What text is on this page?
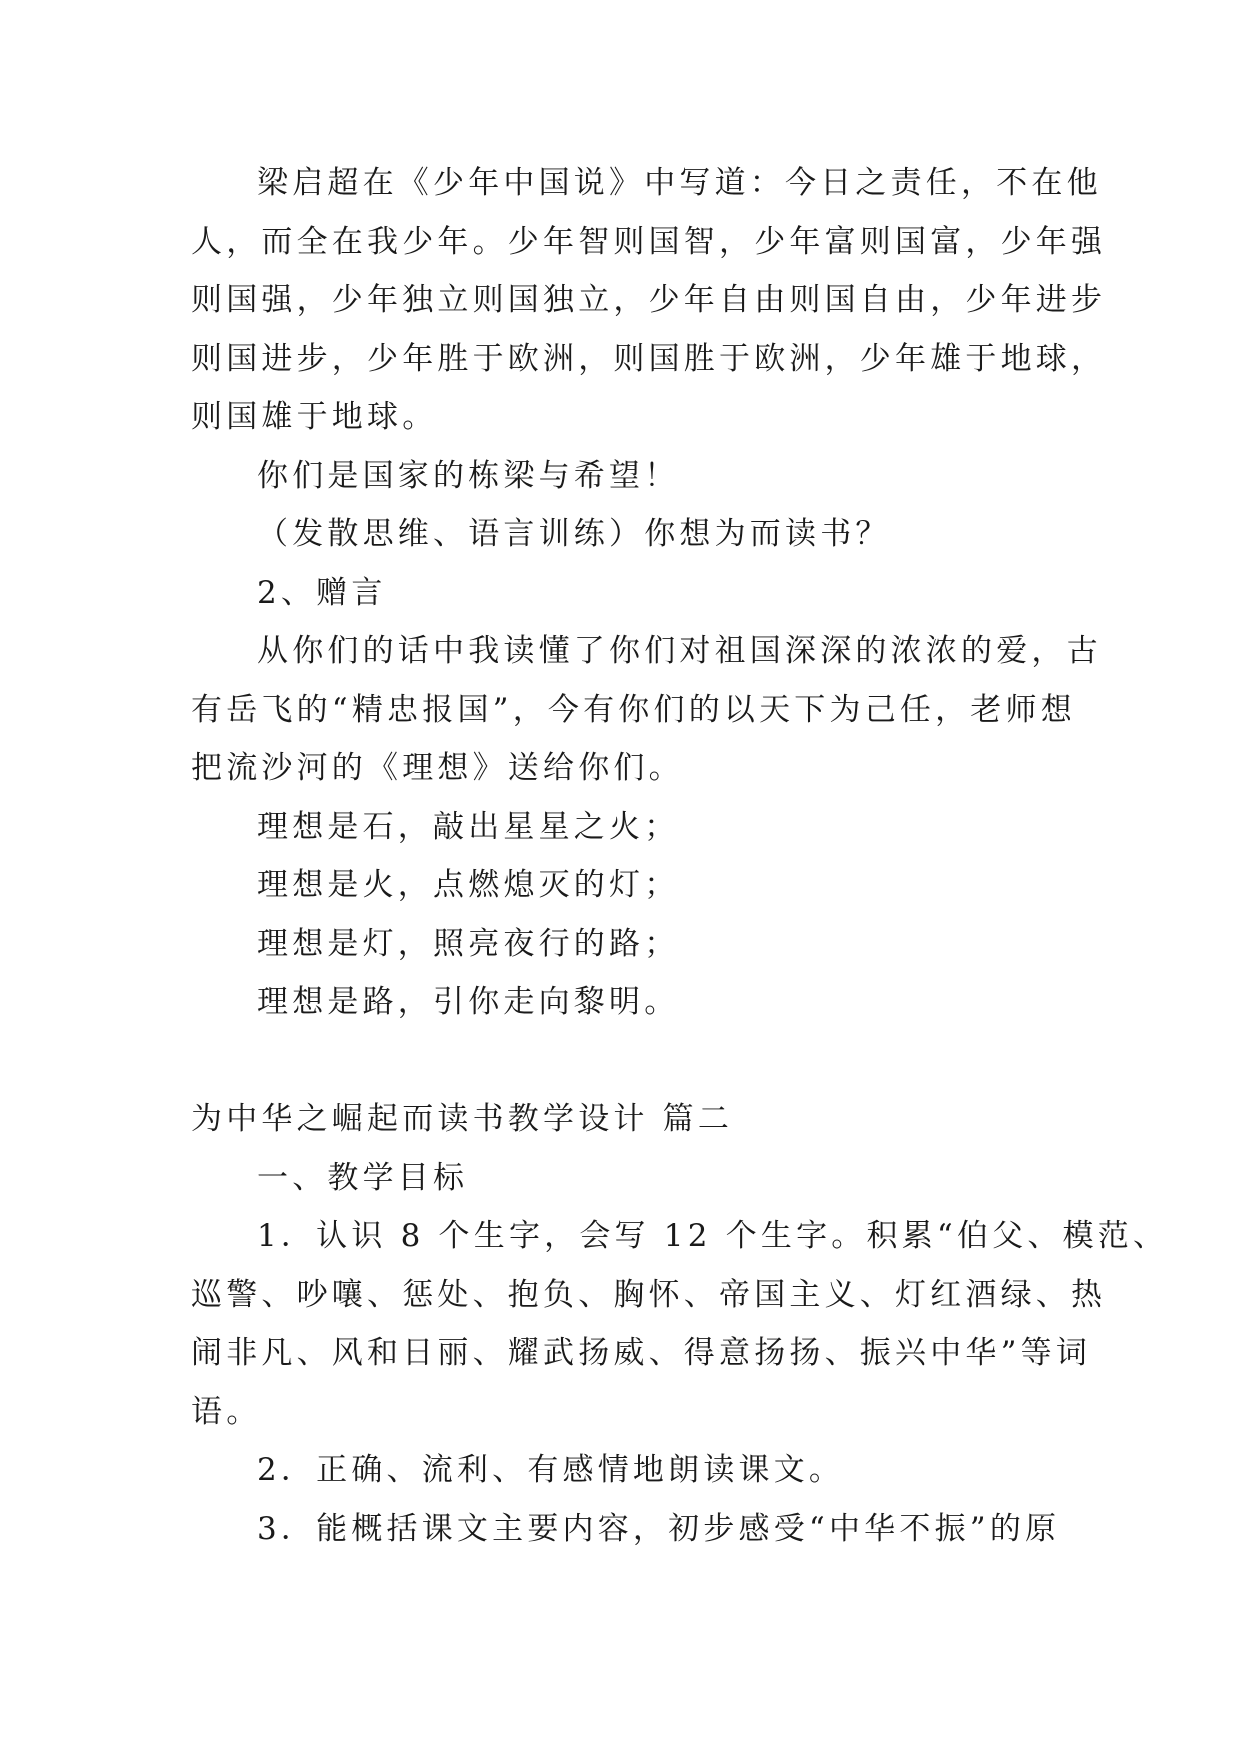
梁启超在《少年中国说》中写道：今日之责任，不在他
人，而全在我少年。少年智则国智，少年富则国富，少年强
则国强，少年独立则国独立，少年自由则国自由，少年进步
则国进步，少年胜于欧洲，则国胜于欧洲，少年雄于地球，
则国雄于地球。
你们是国家的栋梁与希望！
（发散思维、语言训练）你想为而读书？
2、赠言
从你们的话中我读懂了你们对祖国深深的浓浓的爱，古
有岳飞的“精忠报国”，今有你们的以天下为己任，老师想
把流沙河的《理想》送给你们。
理想是石，敲出星星之火；
理想是火，点燃熄灭的灯；
理想是灯，照亮夜行的路；
理想是路，引你走向黎明。
为中华之崛起而读书教学设计 篇二
一、教学目标
1．认识 8 个生字，会写 12 个生字。积累“伯父、模范、
巡警、吵嚷、惩处、抱负、胸怀、帝国主义、灯红酒绿、热
闹非凡、风和日丽、耀武扬威、得意扬扬、振兴中华”等词
语。
2．正确、流利、有感情地朗读课文。
3．能概括课文主要内容，初步感受“中华不振”的原
